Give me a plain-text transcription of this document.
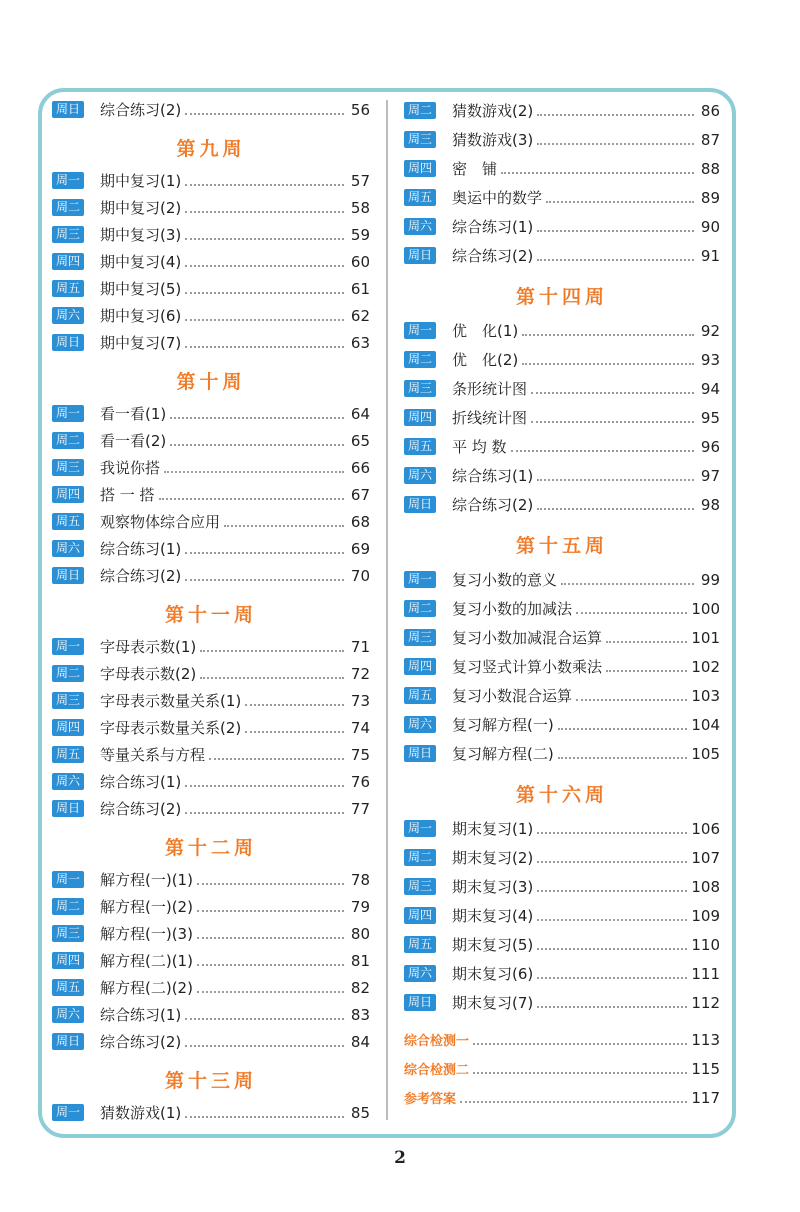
周日 综合练习(2)	56
第九周
周一 期中复习(1)	57
周二 期中复习(2)	58
周三 期中复习(3)	59
周四 期中复习(4)	60
周五 期中复习(5)	61
周六 期中复习(6)	62
周日 期中复习(7)	63
第十周
周一 看一看(1)	64
周二 看一看(2)	65
周三 我说你搭	66
周四 搭 一 搭	67
周五 观察物体综合应用	68
周六 综合练习(1)	69
周日 综合练习(2)	70
第十一周
周一 字母表示数(1)	71
周二 字母表示数(2)	72
周三 字母表示数量关系(1)	73
周四 字母表示数量关系(2)	74
周五 等量关系与方程	75
周六 综合练习(1)	76
周日 综合练习(2)	77
第十二周
周一 解方程(一)(1)	78
周二 解方程(一)(2)	79
周三 解方程(一)(3)	80
周四 解方程(二)(1)	81
周五 解方程(二)(2)	82
周六 综合练习(1)	83
周日 综合练习(2)	84
第十三周
周一 猜数游戏(1)	85
周二 猜数游戏(2)	86
周三 猜数游戏(3)	87
周四 密　铺	88
周五 奥运中的数学	89
周六 综合练习(1)	90
周日 综合练习(2)	91
第十四周
周一 优　化(1)	92
周二 优　化(2)	93
周三 条形统计图	94
周四 折线统计图	95
周五 平 均 数	96
周六 综合练习(1)	97
周日 综合练习(2)	98
第十五周
周一 复习小数的意义	99
周二 复习小数的加减法	100
周三 复习小数加减混合运算	101
周四 复习竖式计算小数乘法	102
周五 复习小数混合运算	103
周六 复习解方程(一)	104
周日 复习解方程(二)	105
第十六周
周一 期末复习(1)	106
周二 期末复习(2)	107
周三 期末复习(3)	108
周四 期末复习(4)	109
周五 期末复习(5)	110
周六 期末复习(6)	111
周日 期末复习(7)	112
综合检测一	113
综合检测二	115
参考答案	117
2
